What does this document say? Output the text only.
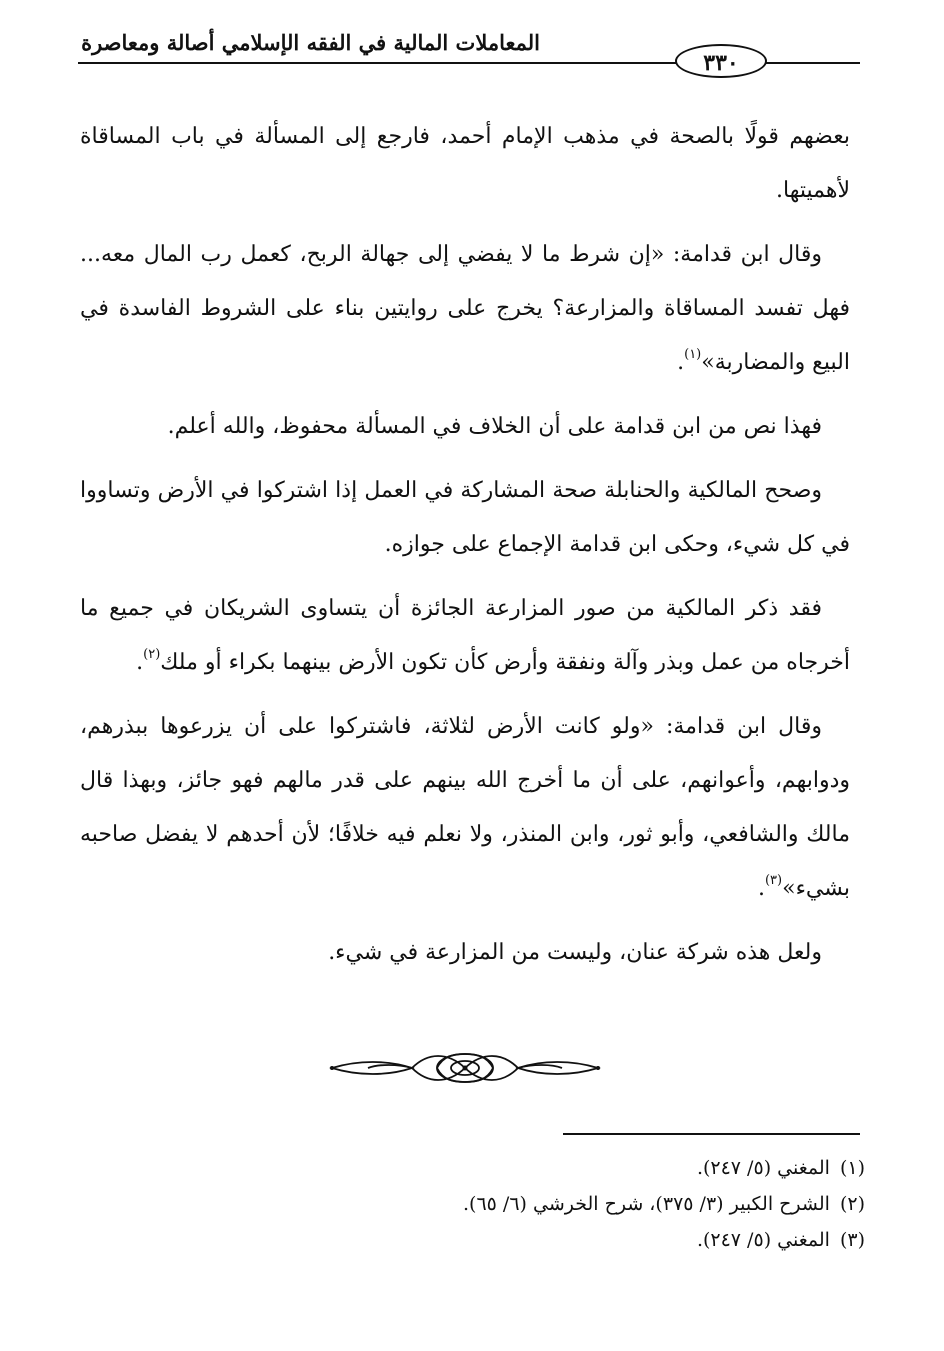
المعاملات المالية في الفقه الإسلامي أصالة ومعاصرة
٣٣٠

بعضهم قولًا بالصحة في مذهب الإمام أحمد، فارجع إلى المسألة في باب المساقاة لأهميتها.

وقال ابن قدامة: «إن شرط ما لا يفضي إلى جهالة الربح، كعمل رب المال معه... فهل تفسد المساقاة والمزارعة؟ يخرج على روايتين بناء على الشروط الفاسدة في البيع والمضاربة»$^{(١)}$.

فهذا نص من ابن قدامة على أن الخلاف في المسألة محفوظ، والله أعلم.

وصحح المالكية والحنابلة صحة المشاركة في العمل إذا اشتركوا في الأرض وتساووا في كل شيء، وحكى ابن قدامة الإجماع على جوازه.

فقد ذكر المالكية من صور المزارعة الجائزة أن يتساوى الشريكان في جميع ما أخرجاه من عمل وبذر وآلة ونفقة وأرض كأن تكون الأرض بينهما بكراء أو ملك$^{(٢)}$.

وقال ابن قدامة: «ولو كانت الأرض لثلاثة، فاشتركوا على أن يزرعوها ببذرهم، ودوابهم، وأعوانهم، على أن ما أخرج الله بينهم على قدر مالهم فهو جائز، وبهذا قال مالك والشافعي، وأبو ثور، وابن المنذر، ولا نعلم فيه خلافًا؛ لأن أحدهم لا يفضل صاحبه بشيء»$^{(٣)}$.

ولعل هذه شركة عنان، وليست من المزارعة في شيء.

(١)المغني (٥/ ٢٤٧).
(٢)الشرح الكبير (٣/ ٣٧٥)، شرح الخرشي (٦/ ٦٥).
(٣)المغني (٥/ ٢٤٧).
